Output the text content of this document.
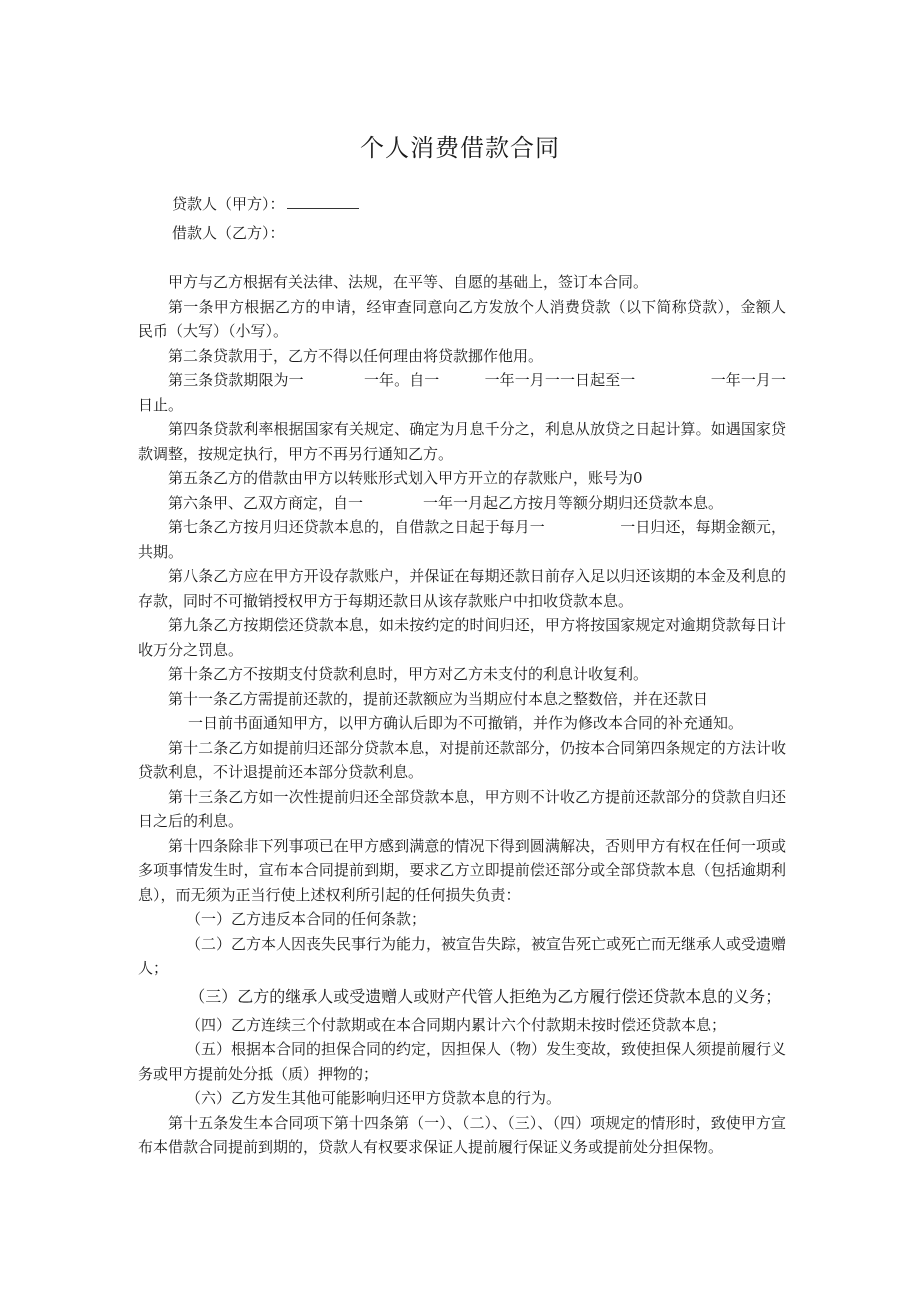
个人消费借款合同
贷款人（甲方）：
借款人（乙方）：

甲方与乙方根据有关法律、法规，在平等、自愿的基础上，签订本合同。

第一条甲方根据乙方的申请，经审查同意向乙方发放个人消费贷款（以下简称贷款），金额人民币（大写）（小写）。

第二条贷款用于，乙方不得以任何理由将贷款挪作他用。

第三条贷款期限为一　　　　一年。自一　　　一年一月一一日起至一　　　　　一年一月一日止。

第四条贷款利率根据国家有关规定、确定为月息千分之，利息从放贷之日起计算。如遇国家贷款调整，按规定执行，甲方不再另行通知乙方。

第五条乙方的借款由甲方以转账形式划入甲方开立的存款账户，账号为0

第六条甲、乙双方商定，自一　　　　一年一月起乙方按月等额分期归还贷款本息。

第七条乙方按月归还贷款本息的，自借款之日起于每月一　　　　　一日归还，每期金额元，共期。

第八条乙方应在甲方开设存款账户，并保证在每期还款日前存入足以归还该期的本金及利息的存款，同时不可撤销授权甲方于每期还款日从该存款账户中扣收贷款本息。

第九条乙方按期偿还贷款本息，如未按约定的时间归还，甲方将按国家规定对逾期贷款每日计收万分之罚息。

第十条乙方不按期支付贷款利息时，甲方对乙方未支付的利息计收复利。

第十一条乙方需提前还款的，提前还款额应为当期应付本息之整数倍，并在还款日

一日前书面通知甲方，以甲方确认后即为不可撤销，并作为修改本合同的补充通知。

第十二条乙方如提前归还部分贷款本息，对提前还款部分，仍按本合同第四条规定的方法计收贷款利息，不计退提前还本部分贷款利息。

第十三条乙方如一次性提前归还全部贷款本息，甲方则不计收乙方提前还款部分的贷款自归还日之后的利息。

第十四条除非下列事项已在甲方感到满意的情况下得到圆满解决，否则甲方有权在任何一项或多项事情发生时，宣布本合同提前到期，要求乙方立即提前偿还部分或全部贷款本息（包括逾期利息），而无须为正当行使上述权利所引起的任何损失负责：

（一）乙方违反本合同的任何条款；

（二）乙方本人因丧失民事行为能力，被宣告失踪，被宣告死亡或死亡而无继承人或受遗赠人；

（三）乙方的继承人或受遗赠人或财产代管人拒绝为乙方履行偿还贷款本息的义务；

（四）乙方连续三个付款期或在本合同期内累计六个付款期未按时偿还贷款本息；

（五）根据本合同的担保合同的约定，因担保人（物）发生变故，致使担保人须提前履行义务或甲方提前处分抵（质）押物的；

（六）乙方发生其他可能影响归还甲方贷款本息的行为。

第十五条发生本合同项下第十四条第（一）、（二）、（三）、（四）项规定的情形时，致使甲方宣布本借款合同提前到期的，贷款人有权要求保证人提前履行保证义务或提前处分担保物。
